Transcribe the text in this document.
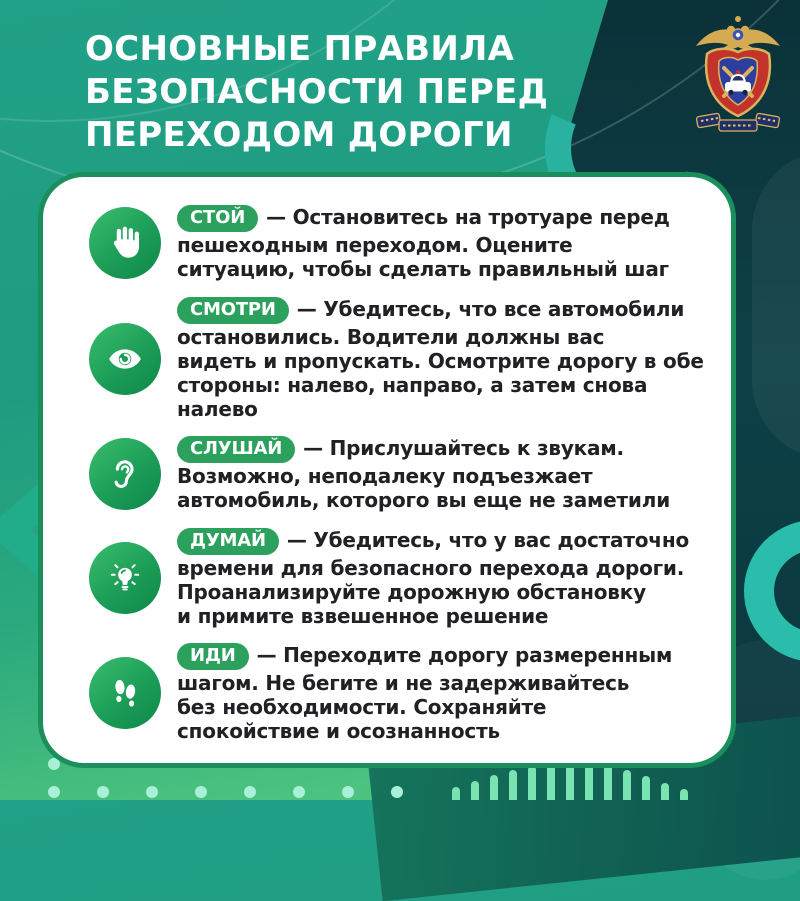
ОСНОВНЫЕ ПРАВИЛА
БЕЗОПАСНОСТИ ПЕРЕД
ПЕРЕХОДОМ ДОРОГИ
СТОЙ — Остановитесь на тротуаре перед пешеходным переходом. Оцените ситуацию, чтобы сделать правильный шаг
СМОТРИ — Убедитесь, что все автомобили остановились. Водители должны вас видеть и пропускать. Осмотрите дорогу в обе стороны: налево, направо, а затем снова налево
СЛУШАЙ — Прислушайтесь к звукам. Возможно, неподалеку подъезжает автомобиль, которого вы еще не заметили
ДУМАЙ — Убедитесь, что у вас достаточно времени для безопасного перехода дороги. Проанализируйте дорожную обстановку и примите взвешенное решение
ИДИ — Переходите дорогу размеренным шагом. Не бегите и не задерживайтесь без необходимости. Сохраняйте спокойствие и осознанность
